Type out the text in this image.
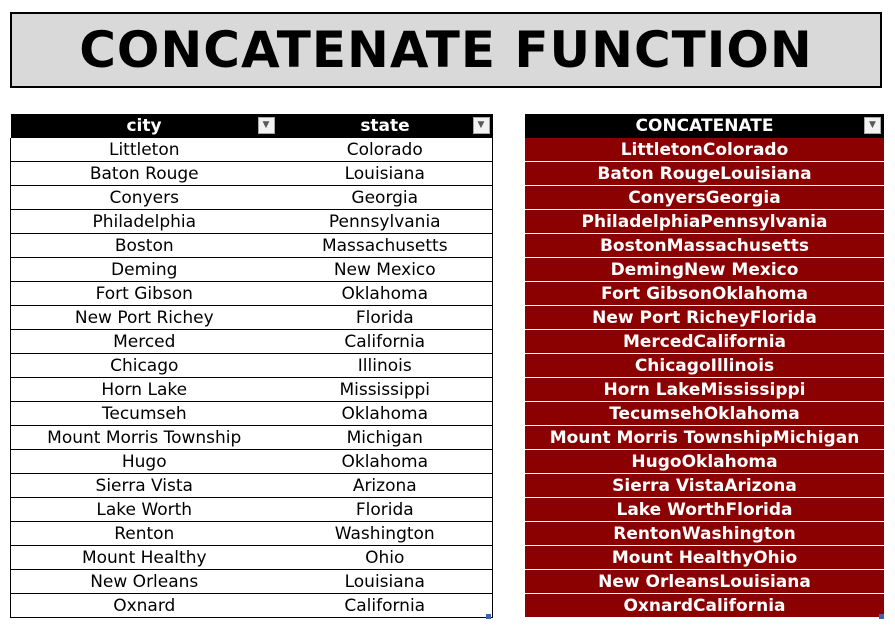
CONCATENATE FUNCTION
city ▼	state ▼

Littleton	Colorado
Baton Rouge	Louisiana
Conyers	Georgia
Philadelphia	Pennsylvania
Boston	Massachusetts
Deming	New Mexico
Fort Gibson	Oklahoma
New Port Richey	Florida
Merced	California
Chicago	Illinois
Horn Lake	Mississippi
Tecumseh	Oklahoma
Mount Morris Township	Michigan
Hugo	Oklahoma
Sierra Vista	Arizona
Lake Worth	Florida
Renton	Washington
Mount Healthy	Ohio
New Orleans	Louisiana
Oxnard	California
CONCATENATE	▼

LittletonColorado
Baton RougeLouisiana
ConyersGeorgia
PhiladelphiaPennsylvania
BostonMassachusetts
DemingNew Mexico
Fort GibsonOklahoma
New Port RicheyFlorida
MercedCalifornia
ChicagoIllinois
Horn LakeMississippi
TecumsehOklahoma
Mount Morris TownshipMichigan
HugoOklahoma
Sierra VistaArizona
Lake WorthFlorida
RentonWashington
Mount HealthyOhio
New OrleansLouisiana
OxnardCalifornia
